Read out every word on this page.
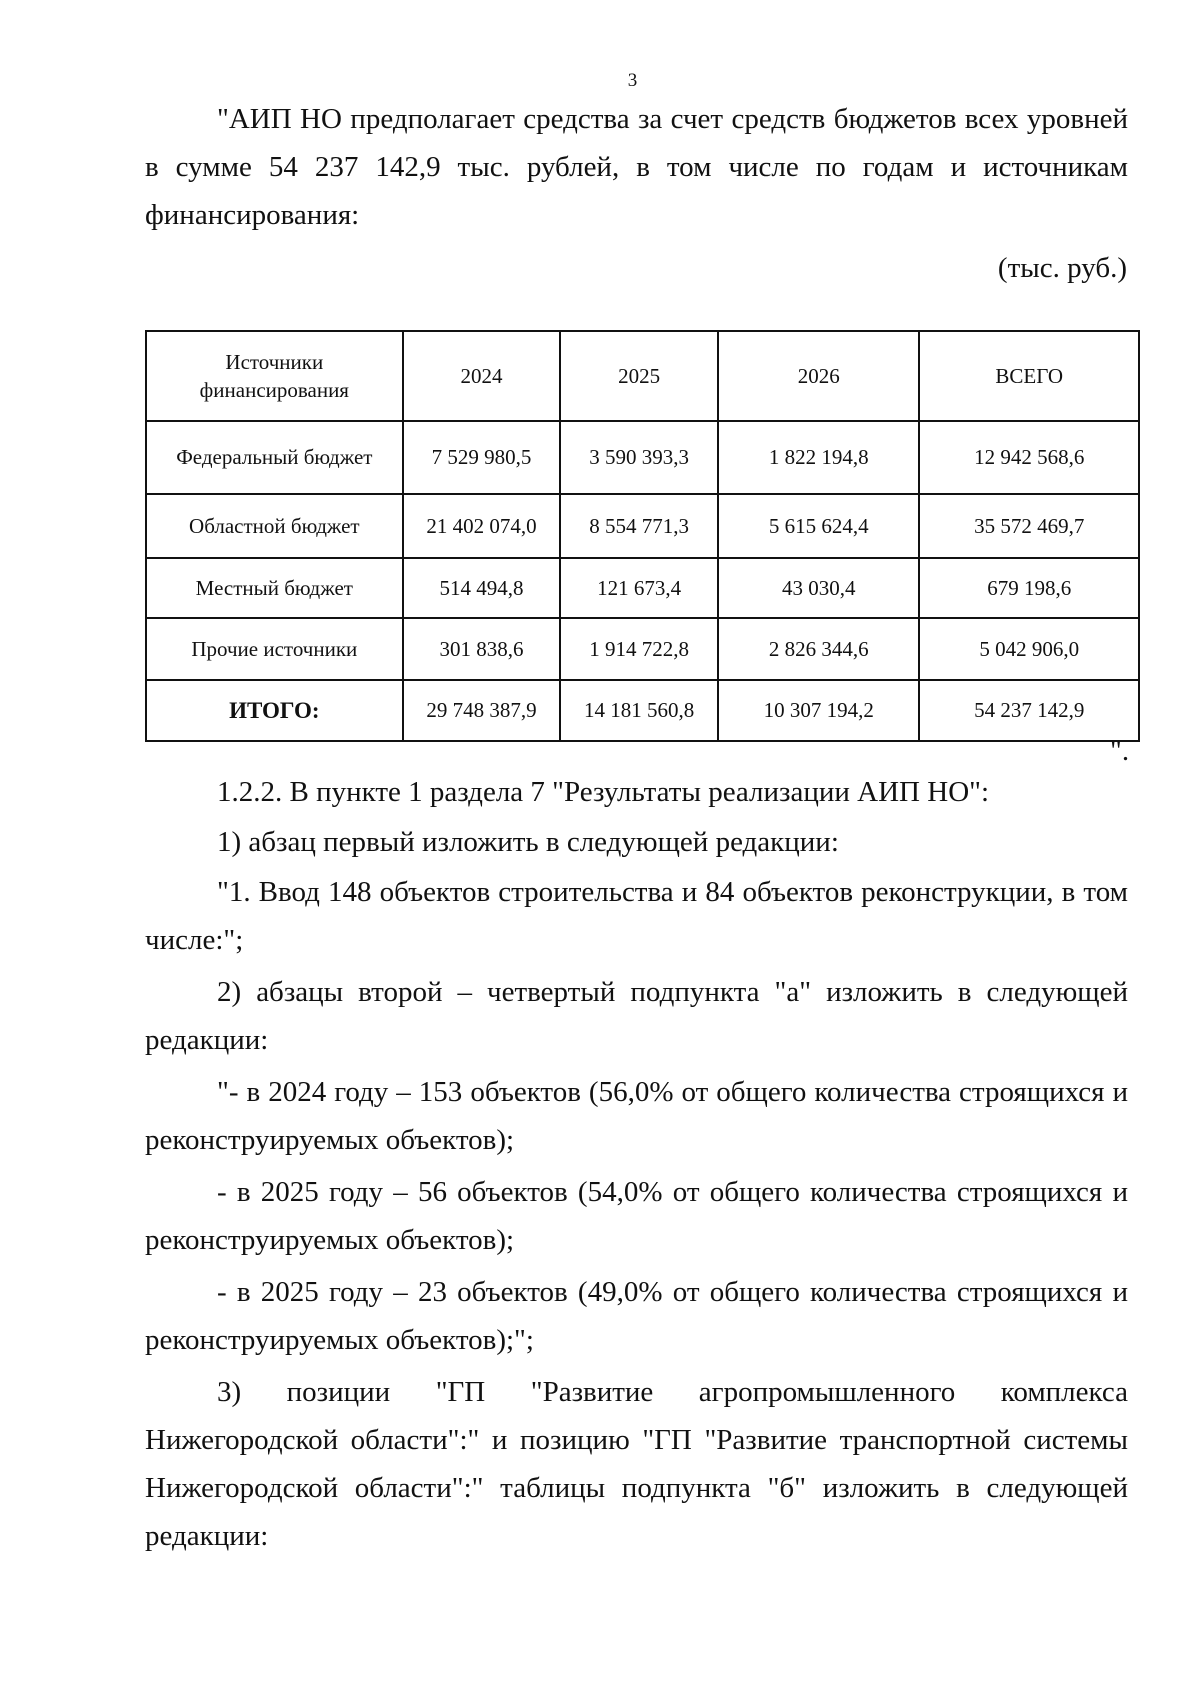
3

"АИП НО предполагает средства за счет средств бюджетов всех уровней в сумме 54 237 142,9 тыс. рублей, в том числе по годам и источникам финансирования:

(тыс. руб.)
Источники финансирования	2024	2025	2026	ВСЕГО
Федеральный бюджет	7 529 980,5	3 590 393,3	1 822 194,8	12 942 568,6
Областной бюджет	21 402 074,0	8 554 771,3	5 615 624,4	35 572 469,7
Местный бюджет	514 494,8	121 673,4	43 030,4	679 198,6
Прочие источники	301 838,6	1 914 722,8	2 826 344,6	5 042 906,0
ИТОГО:	29 748 387,9	14 181 560,8	10 307 194,2	54 237 142,9
".

1.2.2. В пункте 1 раздела 7 "Результаты реализации АИП НО":

1) абзац первый изложить в следующей редакции:

"1. Ввод 148 объектов строительства и 84 объектов реконструкции, в том числе:";

2) абзацы второй – четвертый подпункта "а" изложить в следующей редакции:

"- в 2024 году – 153 объектов (56,0% от общего количества строящихся и реконструируемых объектов);

- в 2025 году – 56 объектов (54,0% от общего количества строящихся и реконструируемых объектов);

- в 2025 году – 23 объектов (49,0% от общего количества строящихся и реконструируемых объектов);";

3) позиции "ГП "Развитие агропромышленного комплекса Нижегородской области":" и позицию "ГП "Развитие транспортной системы Нижегородской области":" таблицы подпункта "б" изложить в следующей редакции:
